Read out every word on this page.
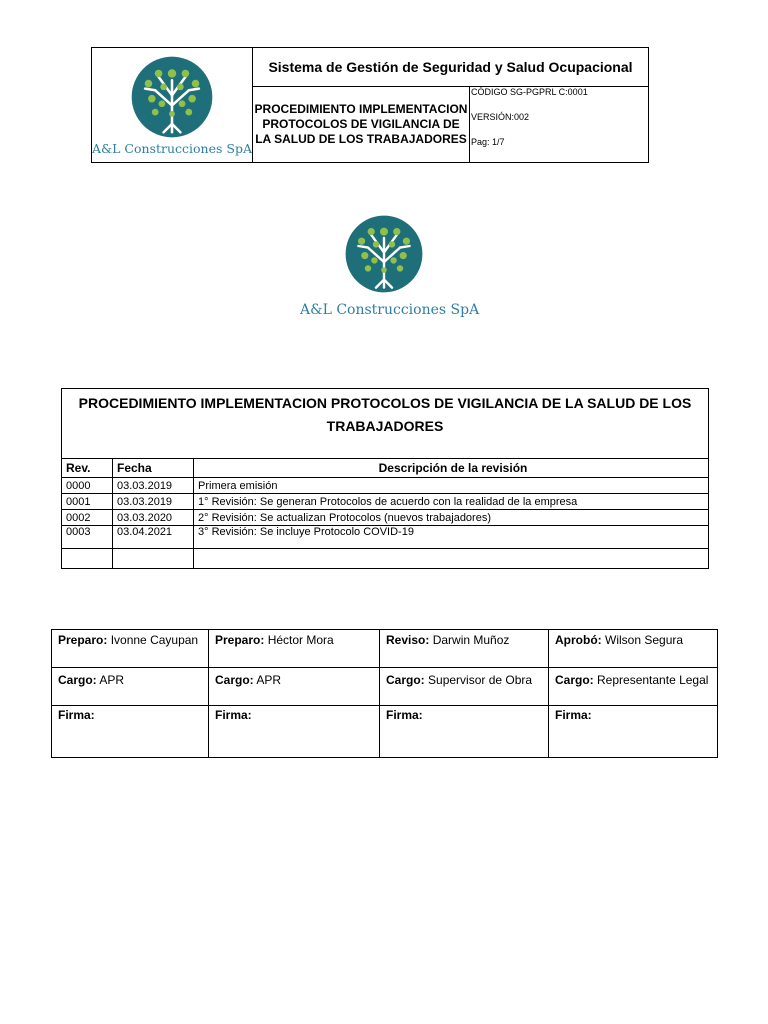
A&L Construcciones SpA	Sistema de Gestión de Seguridad y Salud Ocupacional	
	PROCEDIMIENTO IMPLEMENTACION PROTOCOLOS DE VIGILANCIA DE LA SALUD DE LOS TRABAJADORES	CÓDIGO SG-PGPRL C:0001
VERSIÓN:002
Pag: 1/7
A&L Construcciones SpA
PROCEDIMIENTO IMPLEMENTACION PROTOCOLOS DE VIGILANCIA DE LA SALUD DE LOS TRABAJADORES		
Rev.	Fecha	Descripción de la revisión
0000	03.03.2019	Primera emisión
0001	03.03.2019	1° Revisión: Se generan Protocolos de acuerdo con la realidad de la empresa
0002	03.03.2020	2° Revisión: Se actualizan Protocolos (nuevos trabajadores)
0003	03.04.2021	3° Revisión: Se incluye Protocolo COVID-19

Preparo: Ivonne Cayupan	Preparo: Héctor Mora	Reviso: Darwin Muñoz	Aprobó: Wilson Segura
Cargo: APR	Cargo: APR	Cargo: Supervisor de Obra	Cargo: Representante Legal
Firma:	Firma:	Firma:	Firma:
